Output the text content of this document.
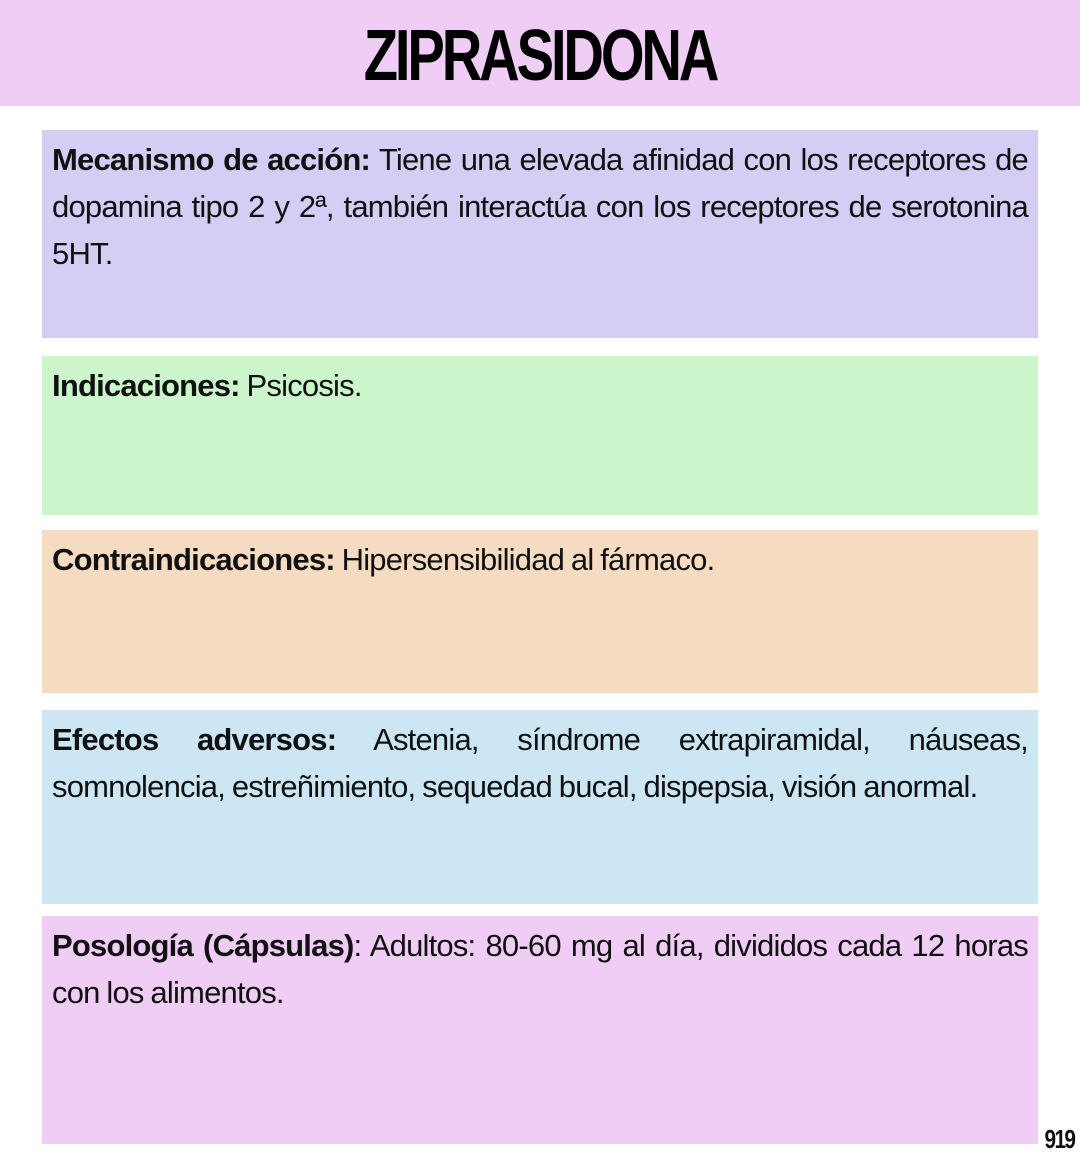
ZIPRASIDONA

Mecanismo de acción: Tiene una elevada afinidad con los receptores de dopamina tipo 2 y 2ª, también interactúa con los receptores de serotonina 5HT.

Indicaciones: Psicosis.

Contraindicaciones: Hipersensibilidad al fármaco.

Efectos adversos: Astenia, síndrome extrapiramidal, náuseas, somnolencia, estreñimiento, sequedad bucal, dispepsia, visión anormal.

Posología (Cápsulas): Adultos: 80-60 mg al día, divididos cada 12 horas con los alimentos.

919
